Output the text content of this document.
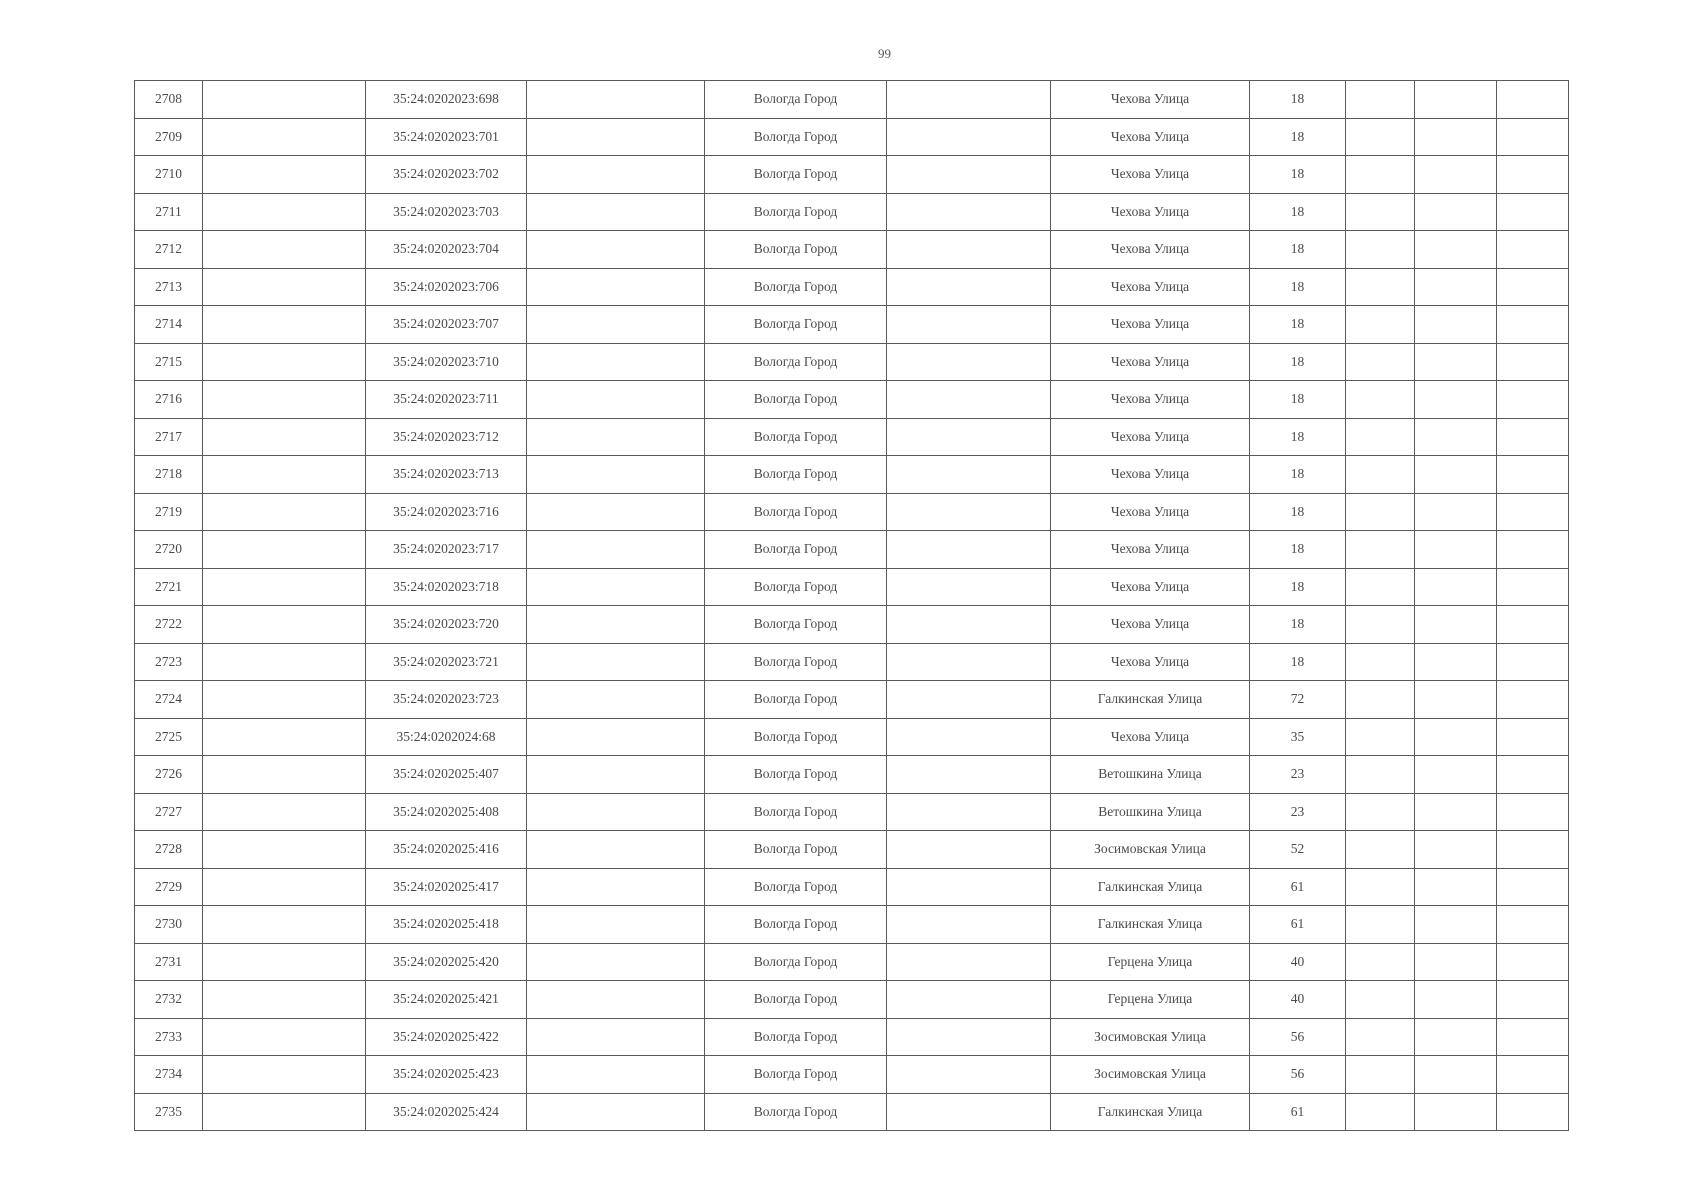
99
2708		35:24:0202023:698		Вологда Город		Чехова Улица	18			
2709		35:24:0202023:701		Вологда Город		Чехова Улица	18			
2710		35:24:0202023:702		Вологда Город		Чехова Улица	18			
2711		35:24:0202023:703		Вологда Город		Чехова Улица	18			
2712		35:24:0202023:704		Вологда Город		Чехова Улица	18			
2713		35:24:0202023:706		Вологда Город		Чехова Улица	18			
2714		35:24:0202023:707		Вологда Город		Чехова Улица	18			
2715		35:24:0202023:710		Вологда Город		Чехова Улица	18			
2716		35:24:0202023:711		Вологда Город		Чехова Улица	18			
2717		35:24:0202023:712		Вологда Город		Чехова Улица	18			
2718		35:24:0202023:713		Вологда Город		Чехова Улица	18			
2719		35:24:0202023:716		Вологда Город		Чехова Улица	18			
2720		35:24:0202023:717		Вологда Город		Чехова Улица	18			
2721		35:24:0202023:718		Вологда Город		Чехова Улица	18			
2722		35:24:0202023:720		Вологда Город		Чехова Улица	18			
2723		35:24:0202023:721		Вологда Город		Чехова Улица	18			
2724		35:24:0202023:723		Вологда Город		Галкинская Улица	72			
2725		35:24:0202024:68		Вологда Город		Чехова Улица	35			
2726		35:24:0202025:407		Вологда Город		Ветошкина Улица	23			
2727		35:24:0202025:408		Вологда Город		Ветошкина Улица	23			
2728		35:24:0202025:416		Вологда Город		Зосимовская Улица	52			
2729		35:24:0202025:417		Вологда Город		Галкинская Улица	61			
2730		35:24:0202025:418		Вологда Город		Галкинская Улица	61			
2731		35:24:0202025:420		Вологда Город		Герцена Улица	40			
2732		35:24:0202025:421		Вологда Город		Герцена Улица	40			
2733		35:24:0202025:422		Вологда Город		Зосимовская Улица	56			
2734		35:24:0202025:423		Вологда Город		Зосимовская Улица	56			
2735		35:24:0202025:424		Вологда Город		Галкинская Улица	61			
